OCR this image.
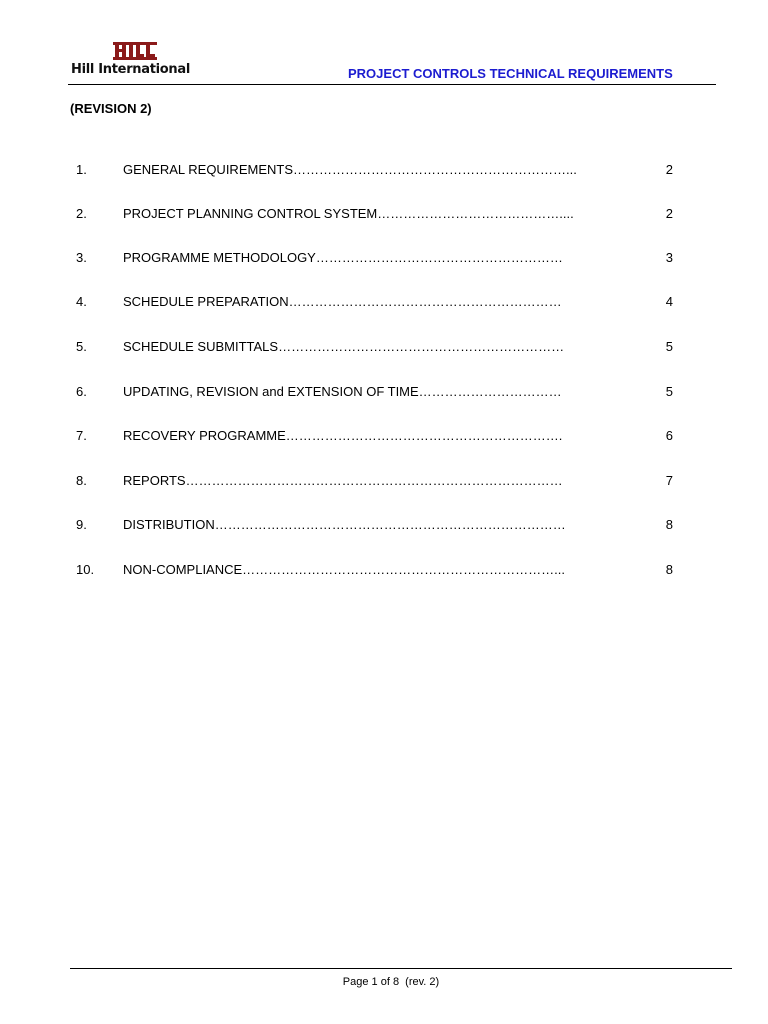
Hill International	PROJECT CONTROLS TECHNICAL REQUIREMENTS
(REVISION 2)
1.	GENERAL REQUIREMENTS………………………………………………………...	2
2.	PROJECT PLANNING CONTROL SYSTEM……………………………………....	2
3.	PROGRAMME METHODOLOGY…………………………………………………	3
4.	SCHEDULE PREPARATION………………………………………………………	4
5.	SCHEDULE SUBMITTALS…………………………………………………………	5
6.	UPDATING, REVISION and EXTENSION OF TIME……………………………	5
7.	RECOVERY PROGRAMME……………………………………………………….	6
8.	REPORTS……………………………………………………………………………	7
9.	DISTRIBUTION………………………………………………………………………	8
10. NON-COMPLIANCE………………………………………………………………...	8
Page 1 of 8  (rev. 2)
